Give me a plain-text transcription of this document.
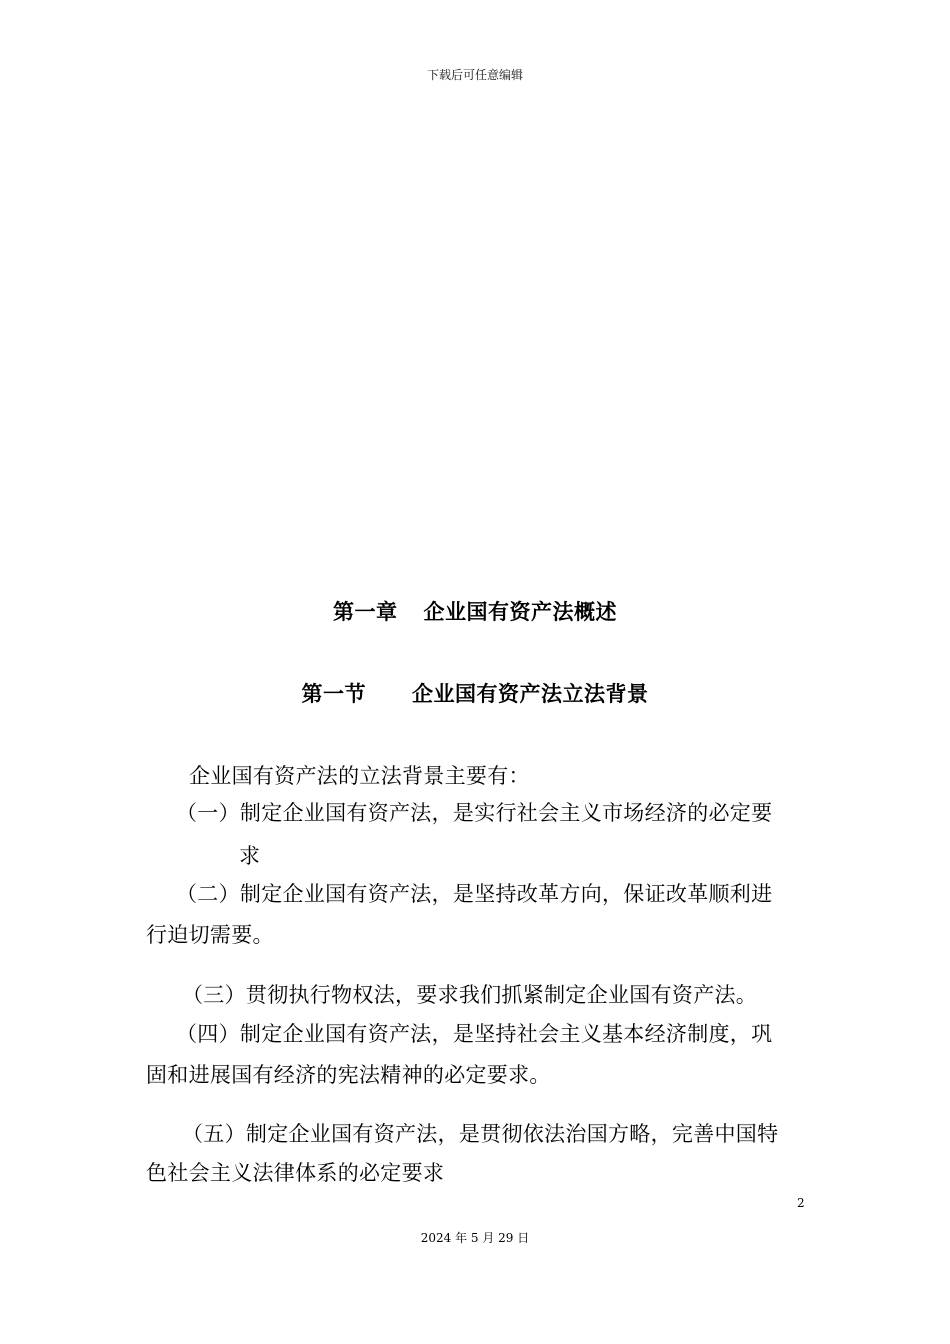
下载后可任意编辑
第一章 企业国有资产法概述
第一节 企业国有资产法立法背景
企业国有资产法的立法背景主要有：
（一）制定企业国有资产法，是实行社会主义市场经济的必定要
求
（二）制定企业国有资产法，是坚持改革方向，保证改革顺利进
行迫切需要。
（三）贯彻执行物权法，要求我们抓紧制定企业国有资产法。
（四）制定企业国有资产法，是坚持社会主义基本经济制度，巩
固和进展国有经济的宪法精神的必定要求。
（五）制定企业国有资产法，是贯彻依法治国方略，完善中国特
色社会主义法律体系的必定要求
2
2024 年 5 月 29 日
